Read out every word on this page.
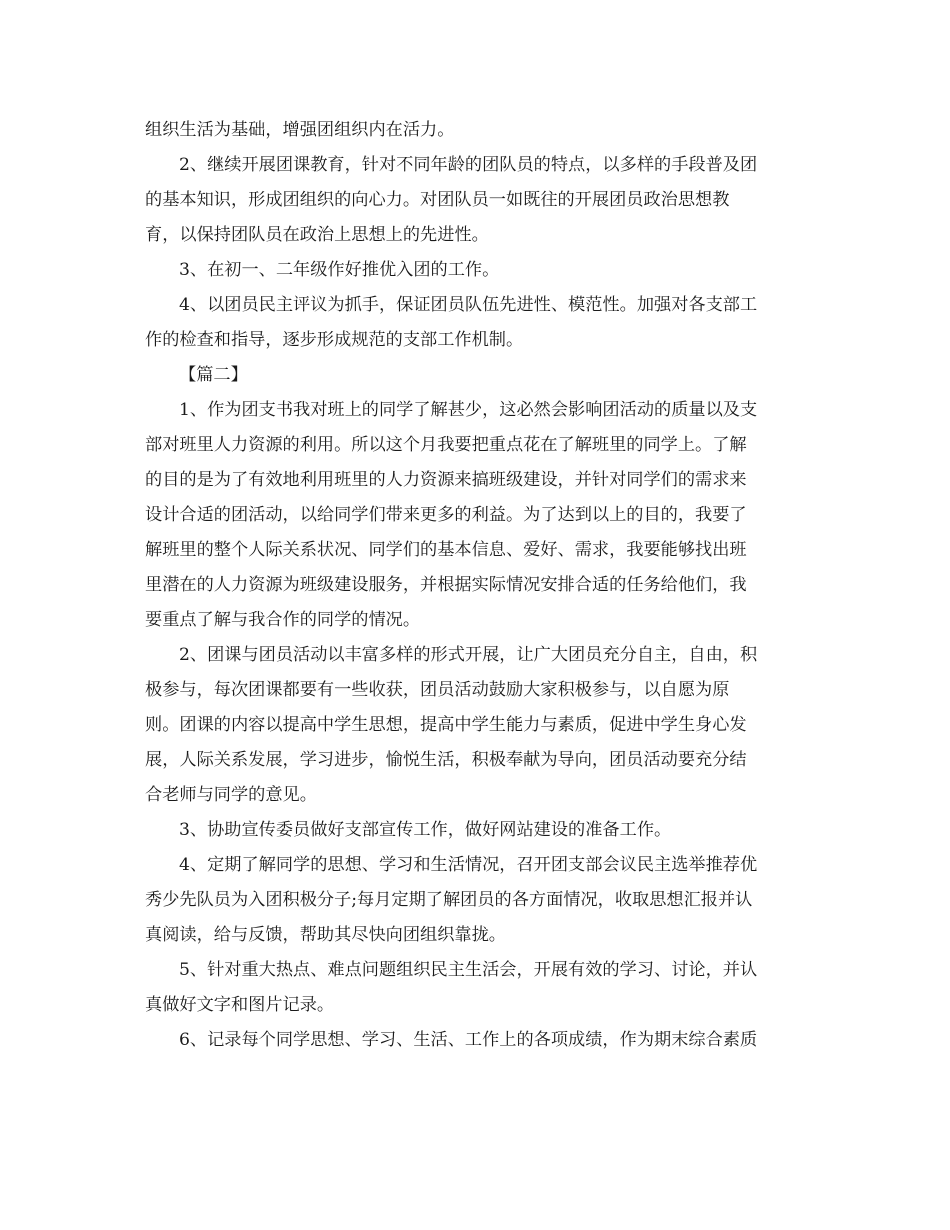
组织生活为基础，增强团组织内在活力。
2、继续开展团课教育，针对不同年龄的团队员的特点，以多样的手段普及团
的基本知识，形成团组织的向心力。对团队员一如既往的开展团员政治思想教
育，以保持团队员在政治上思想上的先进性。
3、在初一、二年级作好推优入团的工作。
4、以团员民主评议为抓手，保证团员队伍先进性、模范性。加强对各支部工
作的检查和指导，逐步形成规范的支部工作机制。
【篇二】
1、作为团支书我对班上的同学了解甚少，这必然会影响团活动的质量以及支
部对班里人力资源的利用。所以这个月我要把重点花在了解班里的同学上。了解
的目的是为了有效地利用班里的人力资源来搞班级建设，并针对同学们的需求来
设计合适的团活动，以给同学们带来更多的利益。为了达到以上的目的，我要了
解班里的整个人际关系状况、同学们的基本信息、爱好、需求，我要能够找出班
里潜在的人力资源为班级建设服务，并根据实际情况安排合适的任务给他们，我
要重点了解与我合作的同学的情况。
2、团课与团员活动以丰富多样的形式开展，让广大团员充分自主，自由，积
极参与，每次团课都要有一些收获，团员活动鼓励大家积极参与，以自愿为原
则。团课的内容以提高中学生思想，提高中学生能力与素质，促进中学生身心发
展，人际关系发展，学习进步，愉悦生活，积极奉献为导向，团员活动要充分结
合老师与同学的意见。
3、协助宣传委员做好支部宣传工作，做好网站建设的准备工作。
4、定期了解同学的思想、学习和生活情况，召开团支部会议民主选举推荐优
秀少先队员为入团积极分子;每月定期了解团员的各方面情况，收取思想汇报并认
真阅读，给与反馈，帮助其尽快向团组织靠拢。
5、针对重大热点、难点问题组织民主生活会，开展有效的学习、讨论，并认
真做好文字和图片记录。
6、记录每个同学思想、学习、生活、工作上的各项成绩，作为期末综合素质
